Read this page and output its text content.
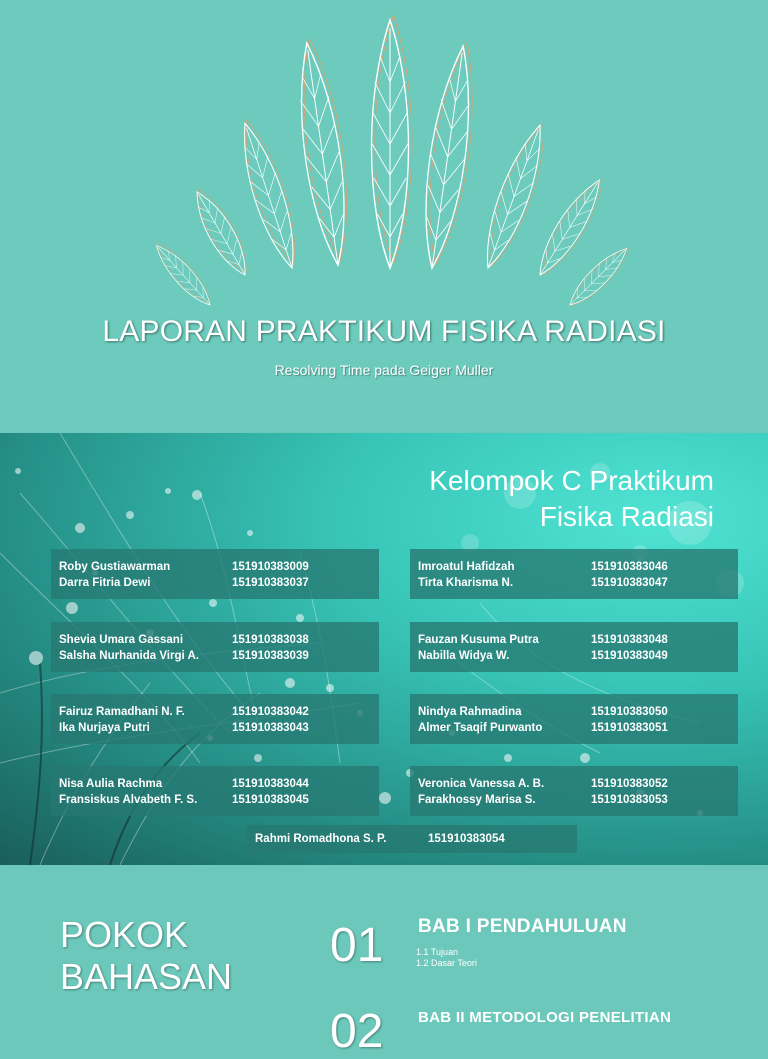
LAPORAN PRAKTIKUM FISIKA RADIASI
Resolving Time pada Geiger Muller
Kelompok C Praktikum
Fisika Radiasi
Roby Gustiawarman	151910383009
Darra Fitria Dewi	151910383037
Shevia Umara Gassani	151910383038
Salsha Nurhanida Virgi A.	151910383039
Fairuz Ramadhani N. F.	151910383042
Ika Nurjaya Putri	151910383043
Nisa Aulia Rachma	151910383044
Fransiskus Alvabeth F. S.	151910383045
Imroatul Hafidzah	151910383046
Tirta Kharisma N.	151910383047
Fauzan Kusuma Putra	151910383048
Nabilla Widya W.	151910383049
Nindya Rahmadina	151910383050
Almer Tsaqif Purwanto	151910383051
Veronica Vanessa A. B.	151910383052
Farakhossy Marisa S.	151910383053
Rahmi Romadhona S. P.	151910383054
POKOK
BAHASAN
01 BAB I PENDAHULUAN
1.1 Tujuan
1.2 Dasar Teori
02 BAB II METODOLOGI PENELITIAN
